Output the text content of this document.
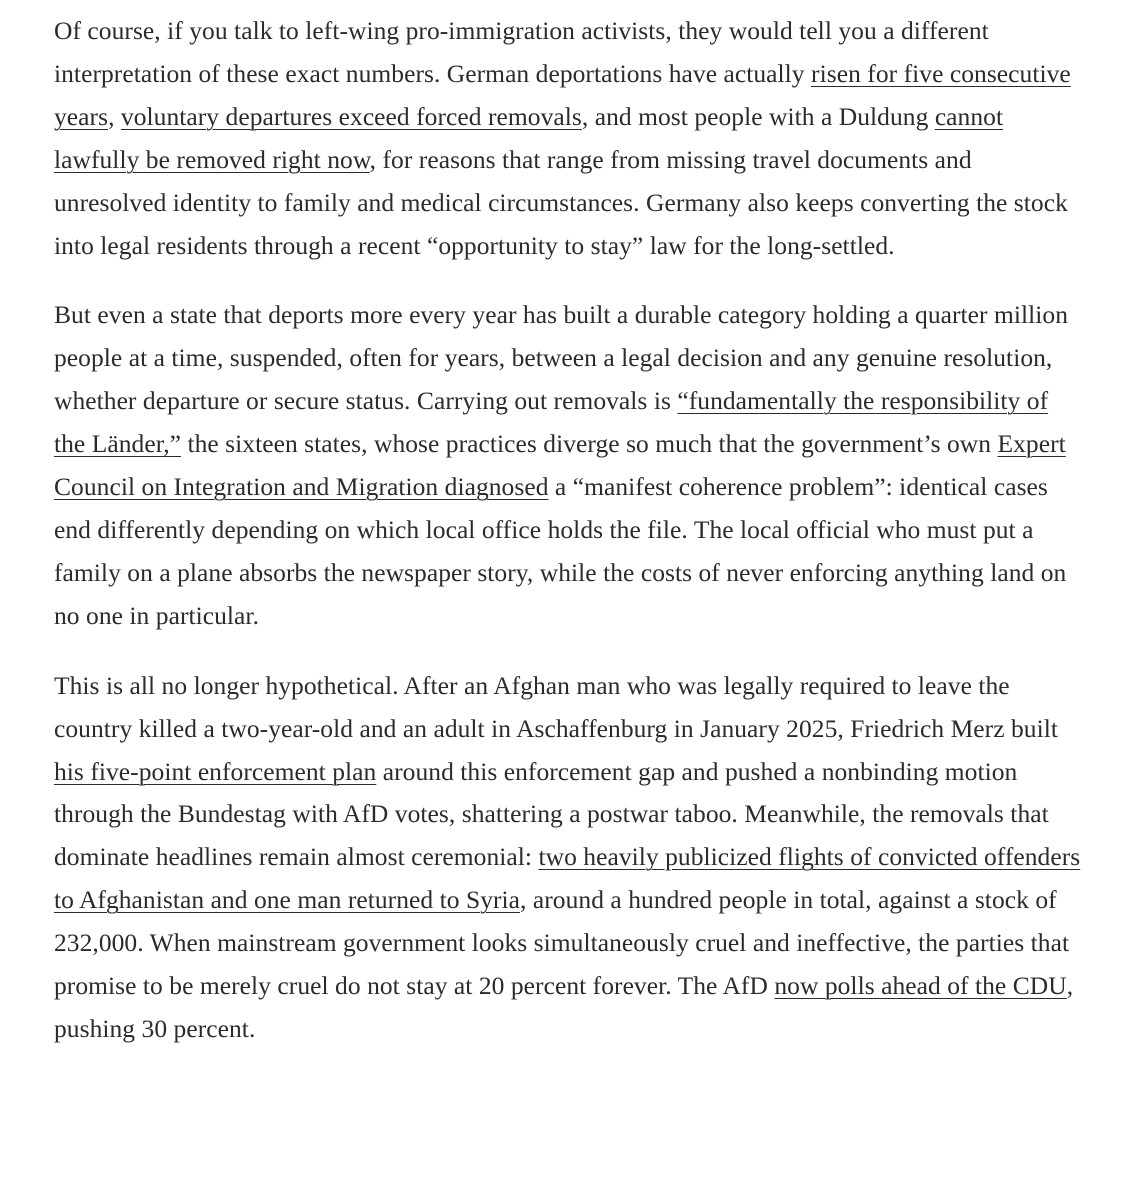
Of course, if you talk to left-wing pro-immigration activists, they would tell you a different interpretation of these exact numbers. German deportations have actually risen for five consecutive years, voluntary departures exceed forced removals, and most people with a Duldung cannot lawfully be removed right now, for reasons that range from missing travel documents and unresolved identity to family and medical circumstances. Germany also keeps converting the stock into legal residents through a recent “opportunity to stay” law for the long-settled.

But even a state that deports more every year has built a durable category holding a quarter million people at a time, suspended, often for years, between a legal decision and any genuine resolution, whether departure or secure status. Carrying out removals is “fundamentally the responsibility of the Länder,” the sixteen states, whose practices diverge so much that the government’s own Expert Council on Integration and Migration diagnosed a “manifest coherence problem”: identical cases end differently depending on which local office holds the file. The local official who must put a family on a plane absorbs the newspaper story, while the costs of never enforcing anything land on no one in particular.

This is all no longer hypothetical. After an Afghan man who was legally required to leave the country killed a two-year-old and an adult in Aschaffenburg in January 2025, Friedrich Merz built his five-point enforcement plan around this enforcement gap and pushed a nonbinding motion through the Bundestag with AfD votes, shattering a postwar taboo. Meanwhile, the removals that dominate headlines remain almost ceremonial: two heavily publicized flights of convicted offenders to Afghanistan and one man returned to Syria, around a hundred people in total, against a stock of 232,000. When mainstream government looks simultaneously cruel and ineffective, the parties that promise to be merely cruel do not stay at 20 percent forever. The AfD now polls ahead of the CDU, pushing 30 percent.
